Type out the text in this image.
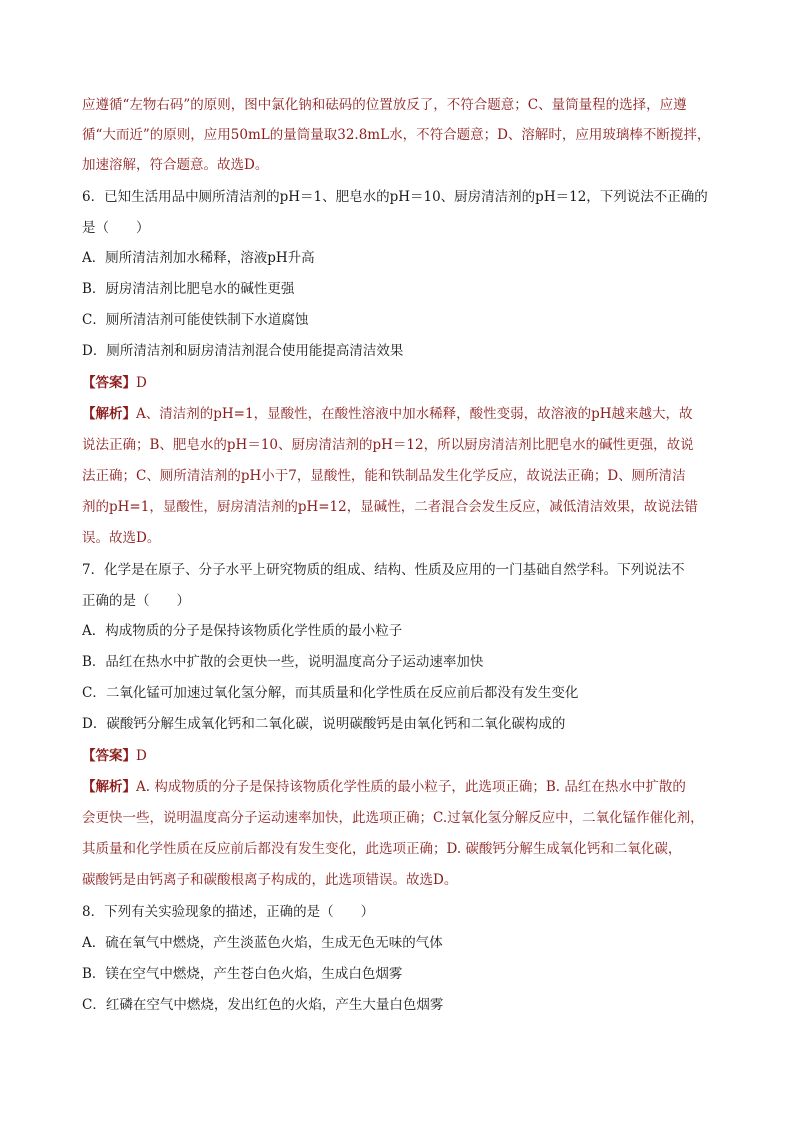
应遵循“左物右码”的原则，图中氯化钠和砝码的位置放反了，不符合题意；C、量筒量程的选择，应遵
循“大而近”的原则，应用50mL的量筒量取32.8mL水，不符合题意；D、溶解时，应用玻璃棒不断搅拌，
加速溶解，符合题意。故选D。
6．已知生活用品中厕所清洁剂的pH＝1、肥皂水的pH＝10、厨房清洁剂的pH＝12，下列说法不正确的
是（　　）
A．厕所清洁剂加水稀释，溶液pH升高
B．厨房清洁剂比肥皂水的碱性更强
C．厕所清洁剂可能使铁制下水道腐蚀
D．厕所清洁剂和厨房清洁剂混合使用能提高清洁效果
【答案】D
【解析】A、清洁剂的pH=1，显酸性，在酸性溶液中加水稀释，酸性变弱，故溶液的pH越来越大，故
说法正确；B、肥皂水的pH＝10、厨房清洁剂的pH＝12，所以厨房清洁剂比肥皂水的碱性更强，故说
法正确；C、厕所清洁剂的pH小于7，显酸性，能和铁制品发生化学反应，故说法正确；D、厕所清洁
剂的pH=1，显酸性，厨房清洁剂的pH=12，显碱性，二者混合会发生反应，减低清洁效果，故说法错
误。故选D。
7．化学是在原子、分子水平上研究物质的组成、结构、性质及应用的一门基础自然学科。下列说法不
正确的是（　　）
A．构成物质的分子是保持该物质化学性质的最小粒子
B．品红在热水中扩散的会更快一些，说明温度高分子运动速率加快
C．二氧化锰可加速过氧化氢分解，而其质量和化学性质在反应前后都没有发生变化
D．碳酸钙分解生成氧化钙和二氧化碳，说明碳酸钙是由氧化钙和二氧化碳构成的
【答案】D
【解析】A. 构成物质的分子是保持该物质化学性质的最小粒子，此选项正确；B. 品红在热水中扩散的
会更快一些，说明温度高分子运动速率加快，此选项正确；C.过氧化氢分解反应中，二氧化锰作催化剂，
其质量和化学性质在反应前后都没有发生变化，此选项正确；D. 碳酸钙分解生成氧化钙和二氧化碳，
碳酸钙是由钙离子和碳酸根离子构成的，此选项错误。故选D。
8．下列有关实验现象的描述，正确的是（　　）
A．硫在氧气中燃烧，产生淡蓝色火焰，生成无色无味的气体
B．镁在空气中燃烧，产生苍白色火焰，生成白色烟雾
C．红磷在空气中燃烧，发出红色的火焰，产生大量白色烟雾
